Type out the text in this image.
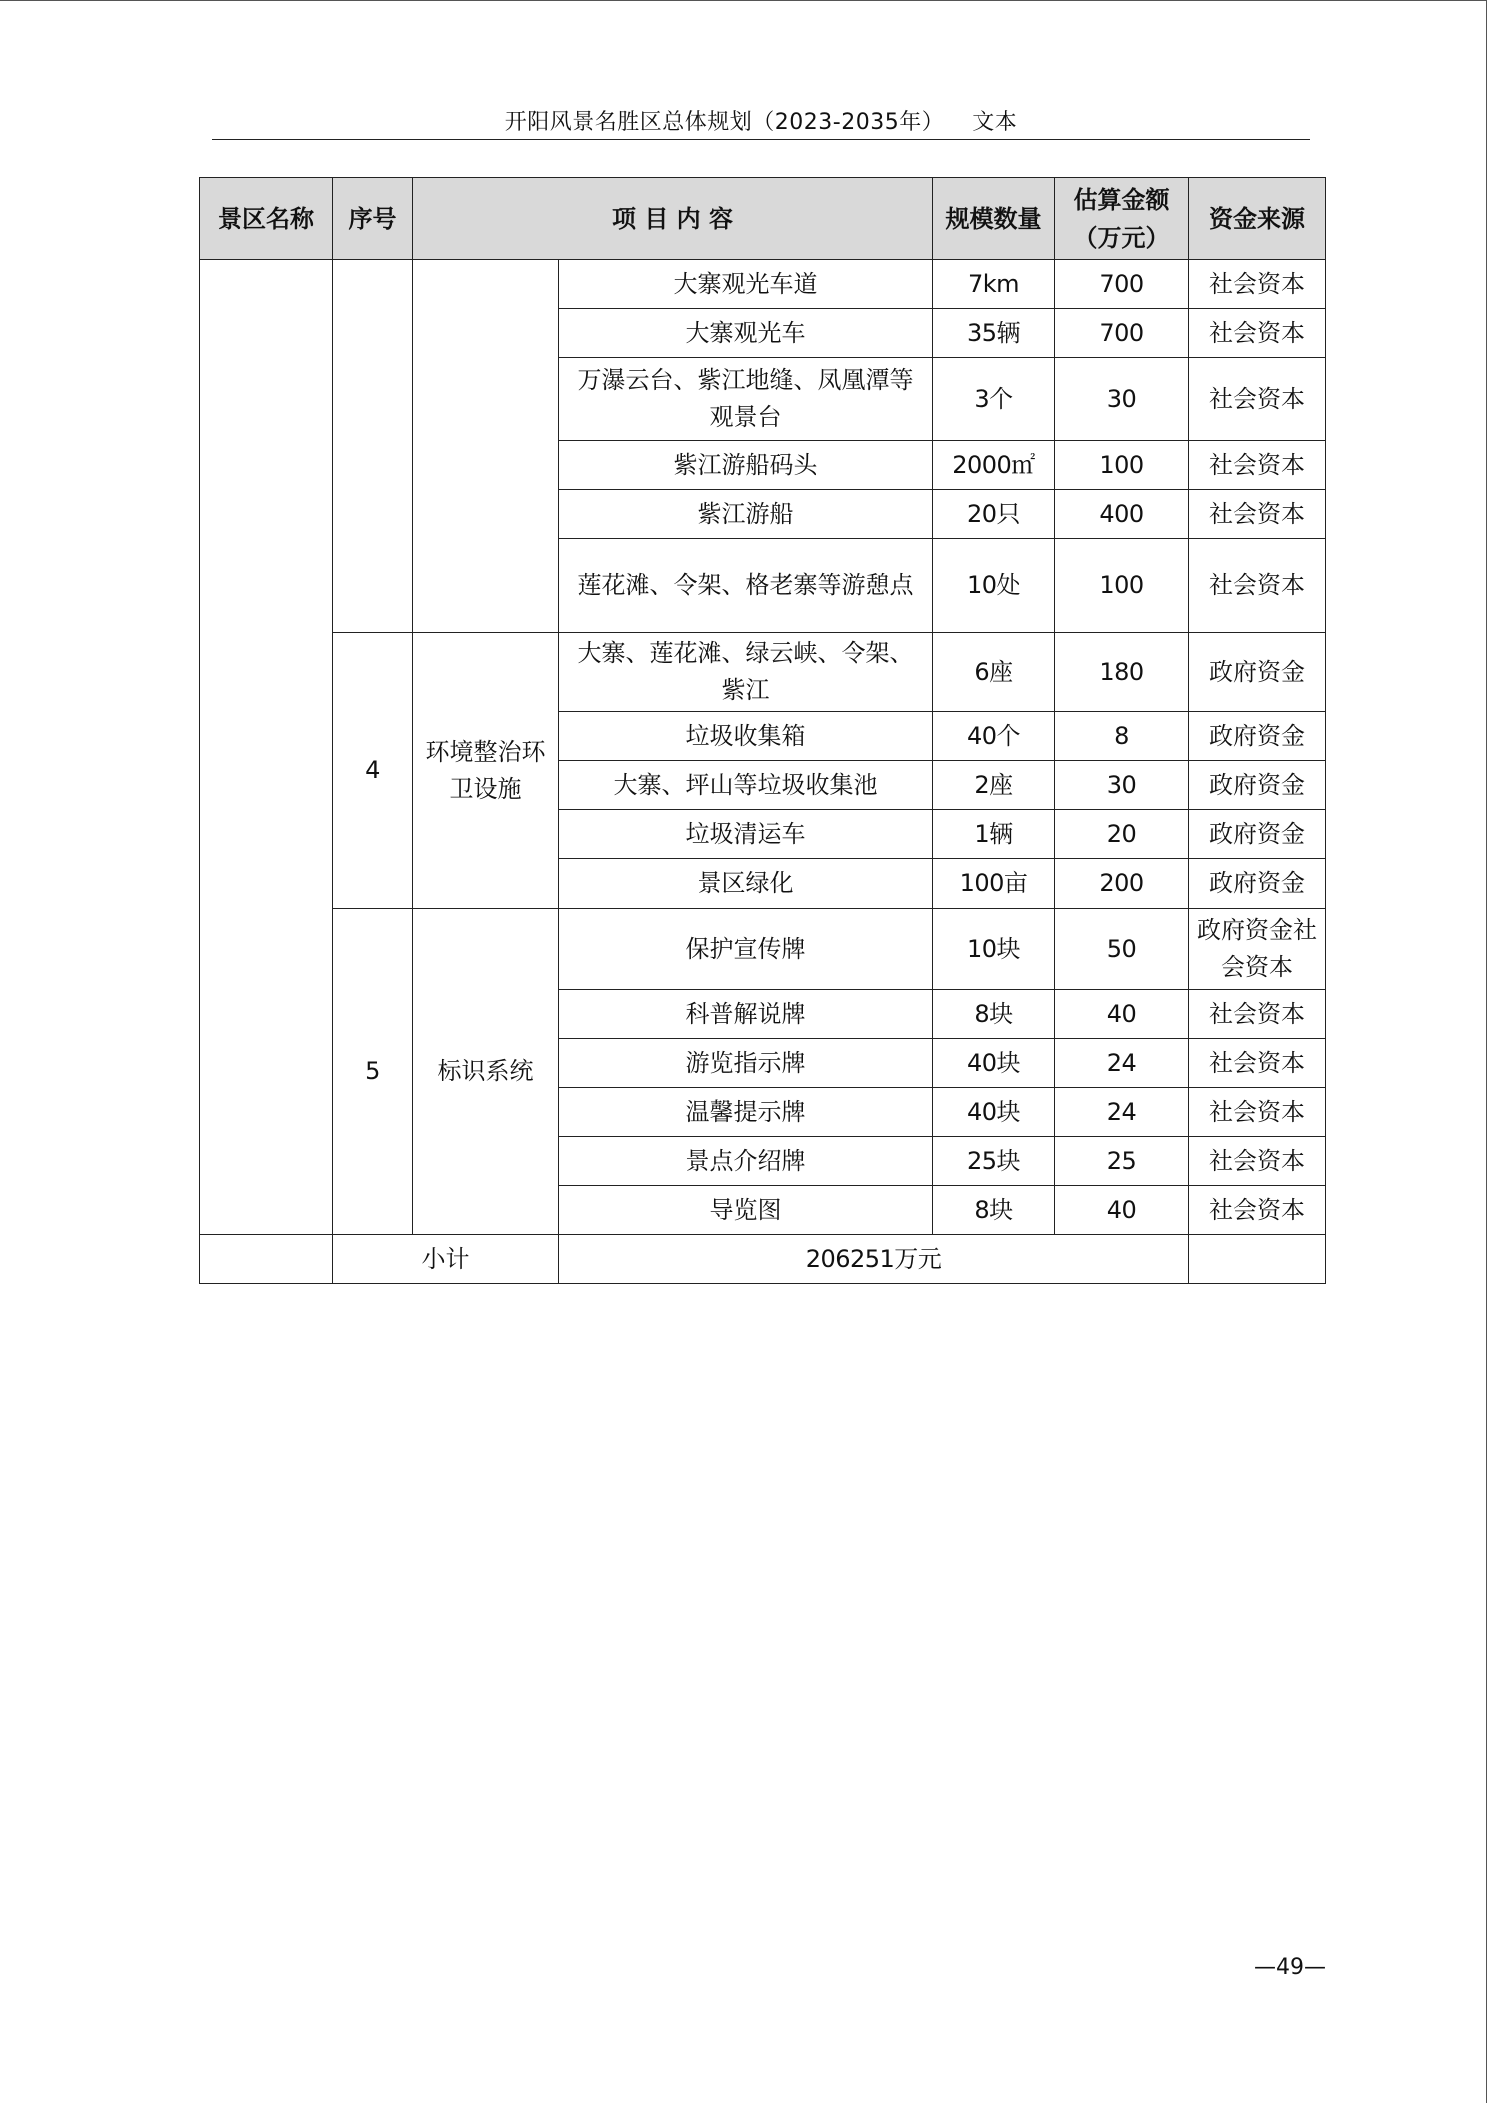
开阳风景名胜区总体规划（2023-2035年） 文本
景区名称	序号	项 目 内 容		规模数量	估算金额（万元）	资金来源
			大寨观光车道	7km	700	社会资本
			大寨观光车	35辆	700	社会资本
			万瀑云台、紫江地缝、凤凰潭等观景台	3个	30	社会资本
			紫江游船码头	2000㎡	100	社会资本
			紫江游船	20只	400	社会资本
			莲花滩、令架、格老寨等游憩点	10处	100	社会资本
	4	环境整治环卫设施	大寨、莲花滩、绿云峡、令架、紫江	6座	180	政府资金
			垃圾收集箱	40个	8	政府资金
			大寨、坪山等垃圾收集池	2座	30	政府资金
			垃圾清运车	1辆	20	政府资金
			景区绿化	100亩	200	政府资金
	5	标识系统	保护宣传牌	10块	50	政府资金社会资本
			科普解说牌	8块	40	社会资本
			游览指示牌	40块	24	社会资本
			温馨提示牌	40块	24	社会资本
			景点介绍牌	25块	25	社会资本
			导览图	8块	40	社会资本
	小计		206251万元			
—49—
